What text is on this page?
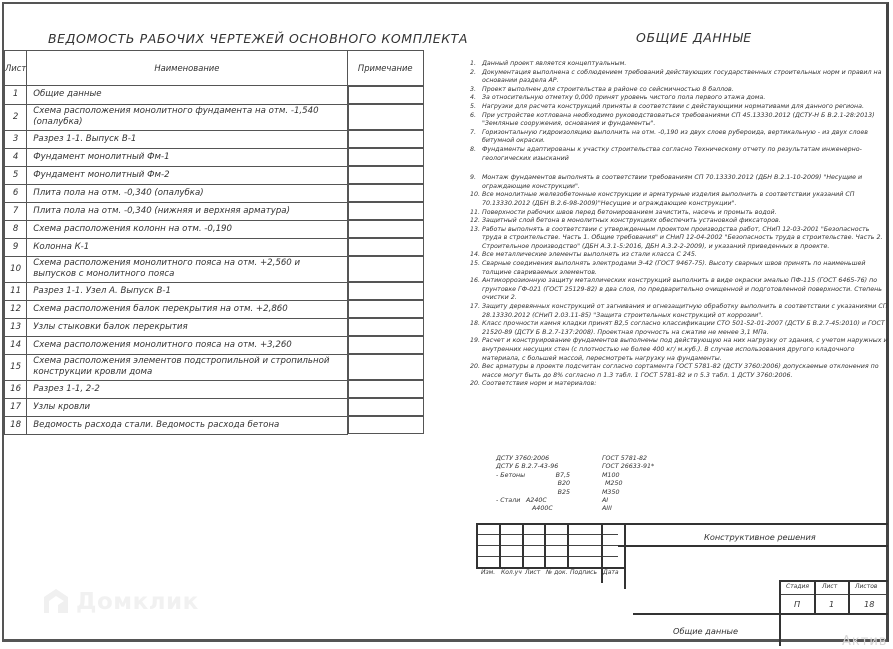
ВЕДОМОСТЬ РАБОЧИХ ЧЕРТЕЖЕЙ ОСНОВНОГО КОМПЛЕКТА
Лист	Наименование	Примечание
1	Общие данные	

2	Схема расположения монолитного фундамента на отм. -1,540 (опалубка)	

3	Разрез 1-1. Выпуск В-1	

4	Фундамент монолитный Фм-1	

5	Фундамент монолитный Фм-2	

6	Плита пола на отм. -0,340 (опалубка)	

7	Плита пола на отм. -0,340 (нижняя и верхняя арматура)	

8	Схема расположения колонн на отм. -0,190	

9	Колонна К-1	

10	Схема расположения монолитного пояса на отм. +2,560 и выпусков с монолитного пояса	

11	Разрез 1-1. Узел А. Выпуск В-1	

12	Схема расположения балок перекрытия на отм. +2,860	

13	Узлы стыковки балок перекрытия	

14	Схема расположения монолитного пояса на отм. +3,260	

15	Схема расположения элементов подстропильной и стропильной конструкции кровли дома	

16	Разрез 1-1, 2-2	

17	Узлы кровли	

18	Ведомость расхода стали. Ведомость расхода бетона	
ОБЩИЕ ДАННЫЕ
1. Данный проект является концептуальным.
2. Документация выполнена с соблюдением требований действующих государственных строительных норм и правил на основании раздела АР.
3. Проект выполнен для строительства в районе со сейсмичностью 8 баллов.
4. За относительную отметку 0,000 принят уровень чистого пола первого этажа дома.
5. Нагрузки для расчета конструкций приняты в соответствии с действующими нормативами для данного региона.
6. При устройстве котлована необходимо руководствоваться требованиями СП 45.13330.2012 (ДСТУ-Н Б В.2.1-28:2013) "Земляные сооружения, основания и фундаменты".
7. Горизонтальную гидроизоляцию выполнить на отм. -0,190 из двух слоев рубероида, вертикальную - из двух слоев битумной окраски.
8. Фундаменты адаптированы к участку строительства согласно Техническому отчету по результатам инженерно-геологических изысканий
9. Монтаж фундаментов выполнять в соответствии требованиям СП 70.13330.2012 (ДБН В.2.1-10-2009) "Несущие и ограждающие конструкции".
10. Все монолитные железобетонные конструкции и арматурные изделия выполнить в соответствии указаний СП 70.13330.2012 (ДБН В.2.6-98-2009)"Несущие и ограждающие конструкции".
11. Поверхности рабочих швов перед бетонированием зачистить, насечь и промыть водой.
12. Защитный слой бетона в монолитных конструкциях обеспечить установкой фиксаторов.
13. Работы выполнять в соответствии с утвержденным проектом производства работ, СНиП 12-03-2001 "Безопасность труда в строительстве. Часть 1. Общие требования" и СНиП 12-04-2002 "Безопасность труда в строительстве. Часть 2. Строительное производство" (ДБН А.3.1-5:2016, ДБН А.3.2-2-2009), и указаний приведенных в проекте.
14. Все металлические элементы выполнять из стали класса С 245.
15. Сварные соединения выполнять электродами Э-42 (ГОСТ 9467-75). Высоту сварных швов принять по наименьшей толщине свариваемых элементов.
16. Антикоррозионную защиту металлических конструкций выполнить в виде окраски эмалью ПФ-115 (ГОСТ 6465-76) по грунтовке ГФ-021 (ГОСТ 25129-82) в два слоя, по предварительно очищенной и подготовленной поверхности. Степень очистки 2.
17. Защиту деревянных конструкций от загнивания и огнезащитную обработку выполнить в соответствии с указаниями СП 28.13330.2012 (СНиП 2.03.11-85) "Защита строительных конструкций от коррозии".
18. Класс прочности камня кладки принят В2,5 согласно классификации СТО 501-52-01-2007 (ДСТУ Б В.2.7-45:2010) и ГОСТ 21520-89 (ДСТУ Б В.2.7-137:2008). Проектная прочность на сжатие не менее 3,1 МПа.
19. Расчет и конструирование фундаментов выполнены под действующую на них нагрузку от здания, с учетом наружных и внутренних несущих стен (с плотностью не более 400 кг/ м.куб.). В случае использования другого кладочного материала, с большей массой, пересмотреть нагрузку на фундаменты.
20. Вес арматуры в проекте подсчитан согласно сортамента ГОСТ 5781-82 (ДСТУ 3760:2006) допускаемые отклонения по массе могут быть до 8% согласно п 1.3 табл. 1 ГОСТ 5781-82 и п 5.3 табл. 1 ДСТУ 3760:2006.
20. Соответствия норм и материалов:
ДСТУ 3760:2006	ГОСТ 5781-82
ДСТУ Б В.2.7-43-96	ГОСТ 26633-91*
- Бетоны	В7,5	М100
В20	М250
В25	М350
- Стали А240С	АI
А400С	АIII
Изм. Кол.уч Лист № док. Подпись Дата
Конструктивное решения
Стадия Лист	Листов
П	1	18
Общие данные
Домклик
Актив
